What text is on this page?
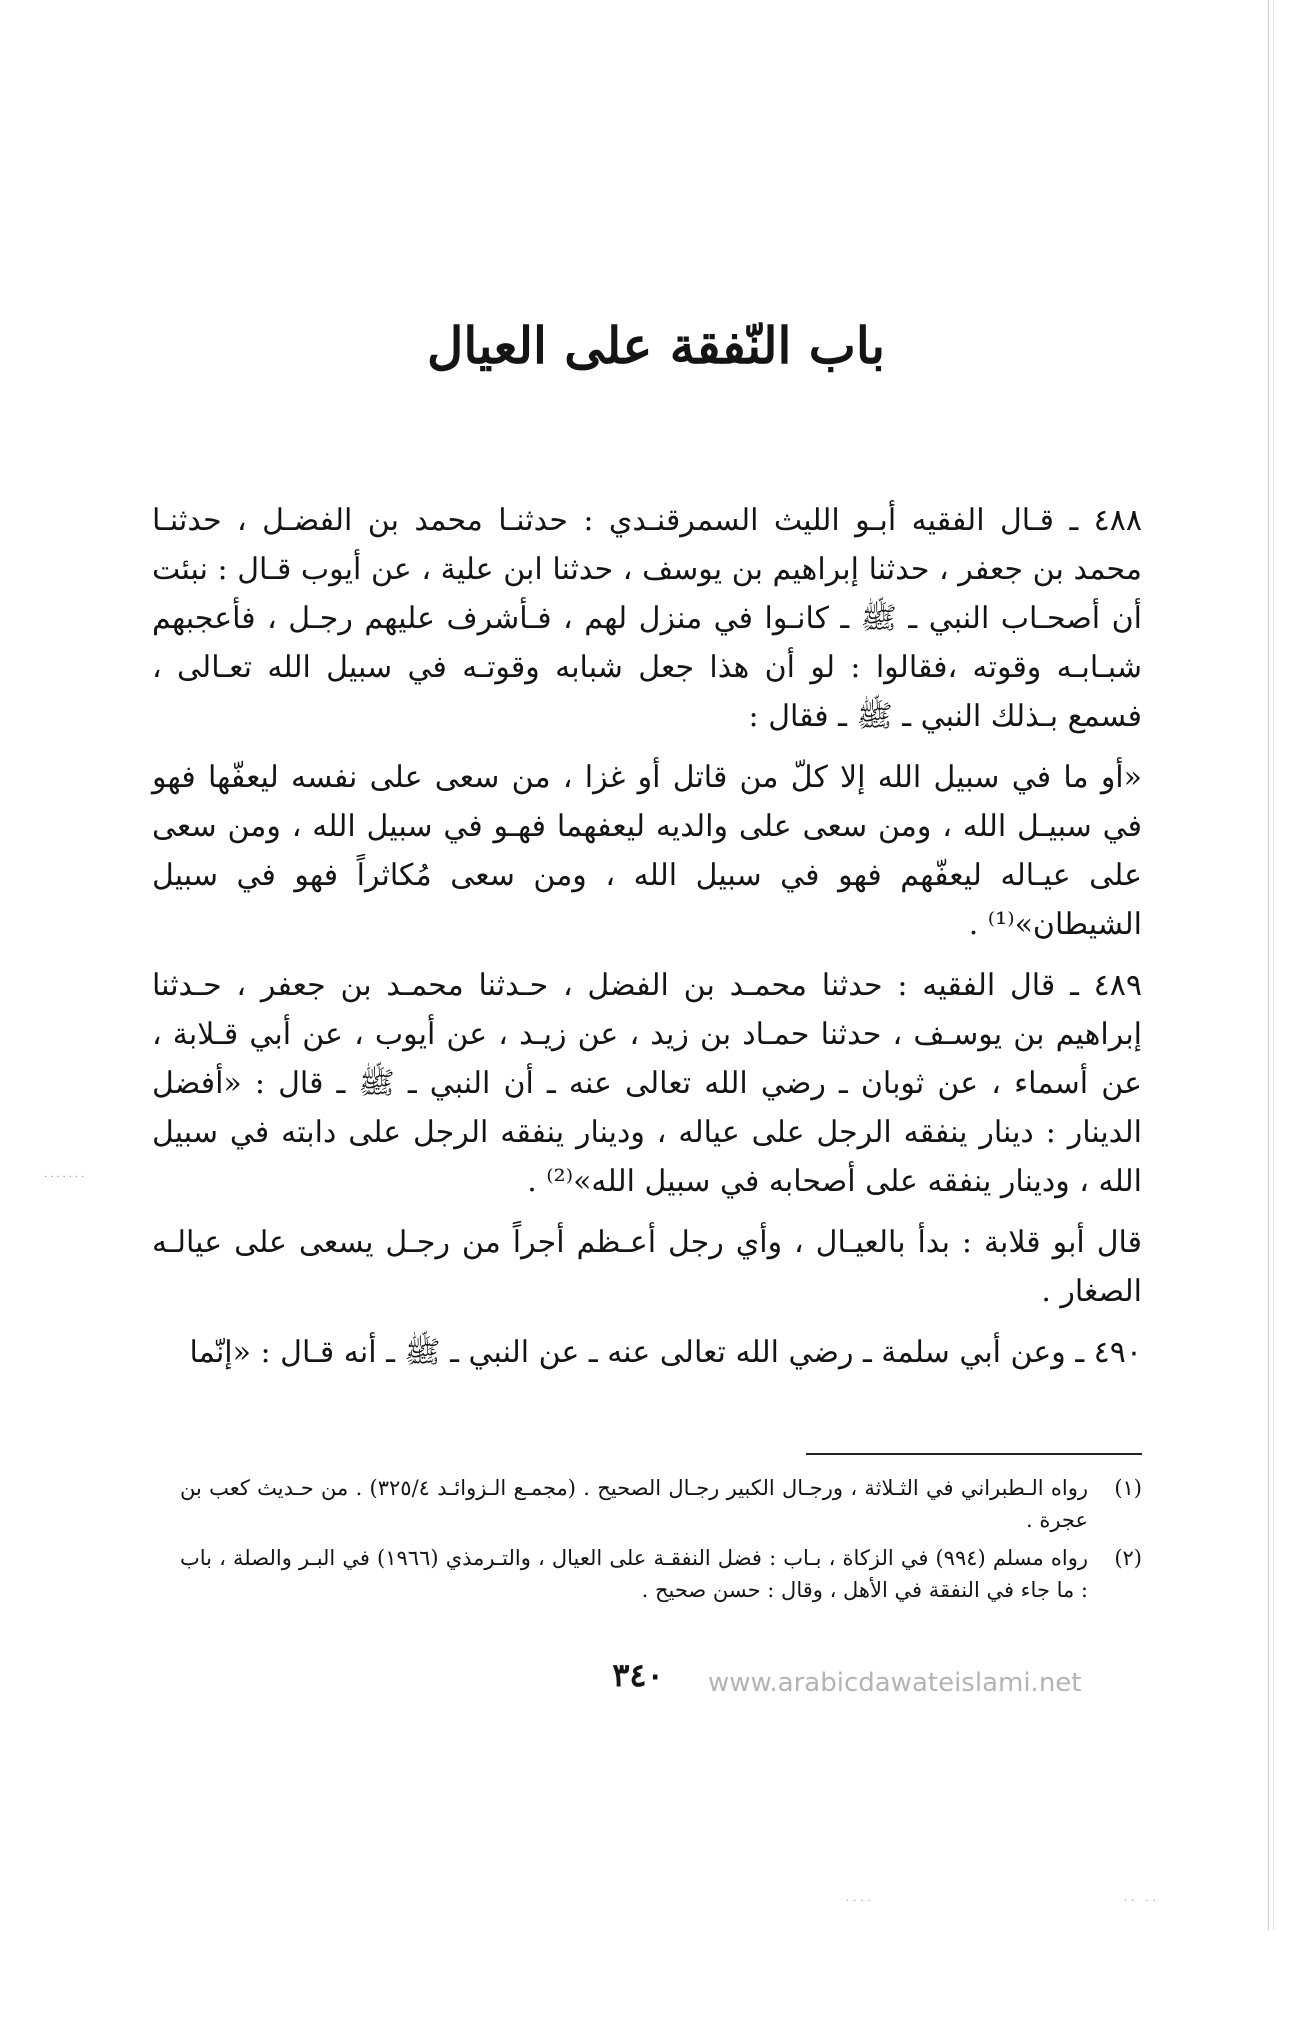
·······
····	·· ··
باب النّفقة على العيال

٤٨٨ ـ قـال الفقيه أبـو الليث السمرقنـدي : حدثنـا محمد بن الفضـل ، حدثنـا محمد بن جعفر ، حدثنا إبراهيم بن يوسف ، حدثنا ابن علية ، عن أيوب قـال : نبئت أن أصحـاب النبي ـ ﷺ ـ كانـوا في منزل لهم ، فـأشرف عليهم رجـل ، فأعجبهم شبـابـه وقوته ،فقالوا : لو أن هذا جعل شبابه وقوتـه في سبيل الله تعـالى ، فسمع بـذلك النبي ـ ﷺ ـ فقال :

«أو ما في سبيل الله إلا كلّ من قاتل أو غزا ، من سعى على نفسه ليعفّها فهو في سبيـل الله ، ومن سعى على والديه ليعفهما فهـو في سبيل الله ، ومن سعى على عيـاله ليعفّهم فهو في سبيل الله ، ومن سعى مُكاثراً فهو في سبيل الشيطان»⁽¹⁾ .

٤٨٩ ـ قال الفقيه : حدثنا محمـد بن الفضل ، حـدثنا محمـد بن جعفر ، حـدثنا إبراهيم بن يوسـف ، حدثنا حمـاد بن زيد ، عن زيـد ، عن أيوب ، عن أبي قـلابة ، عن أسماء ، عن ثوبان ـ رضي الله تعالى عنه ـ أن النبي ـ ﷺ ـ قال : «أفضل الدينار : دينار ينفقه الرجل على عياله ، ودينار ينفقه الرجل على دابته في سبيل الله ، ودينار ينفقه على أصحابه في سبيل الله»⁽²⁾ .

قال أبو قلابة : بدأ بالعيـال ، وأي رجل أعـظم أجراً من رجـل يسعى على عيالـه الصغار .

٤٩٠ ـ وعن أبي سلمة ـ رضي الله تعالى عنه ـ عن النبي ـ ﷺ ـ أنه قـال : «إنّما

(١)
رواه الـطبراني في الثـلاثة ، ورجـال الكبير رجـال الصحيح . (مجمـع الـزوائـد ٣٢٥/٤) . من حـديث كعب بن عجرة .
(٢)
رواه مسلم (٩٩٤) في الزكاة ، بـاب : فضل النفقـة على العيال ، والتـرمذي (١٩٦٦) في البـر والصلة ، باب : ما جاء في النفقة في الأهل ، وقال : حسن صحيح .
٣٤٠	www.arabicdawateislami.net
